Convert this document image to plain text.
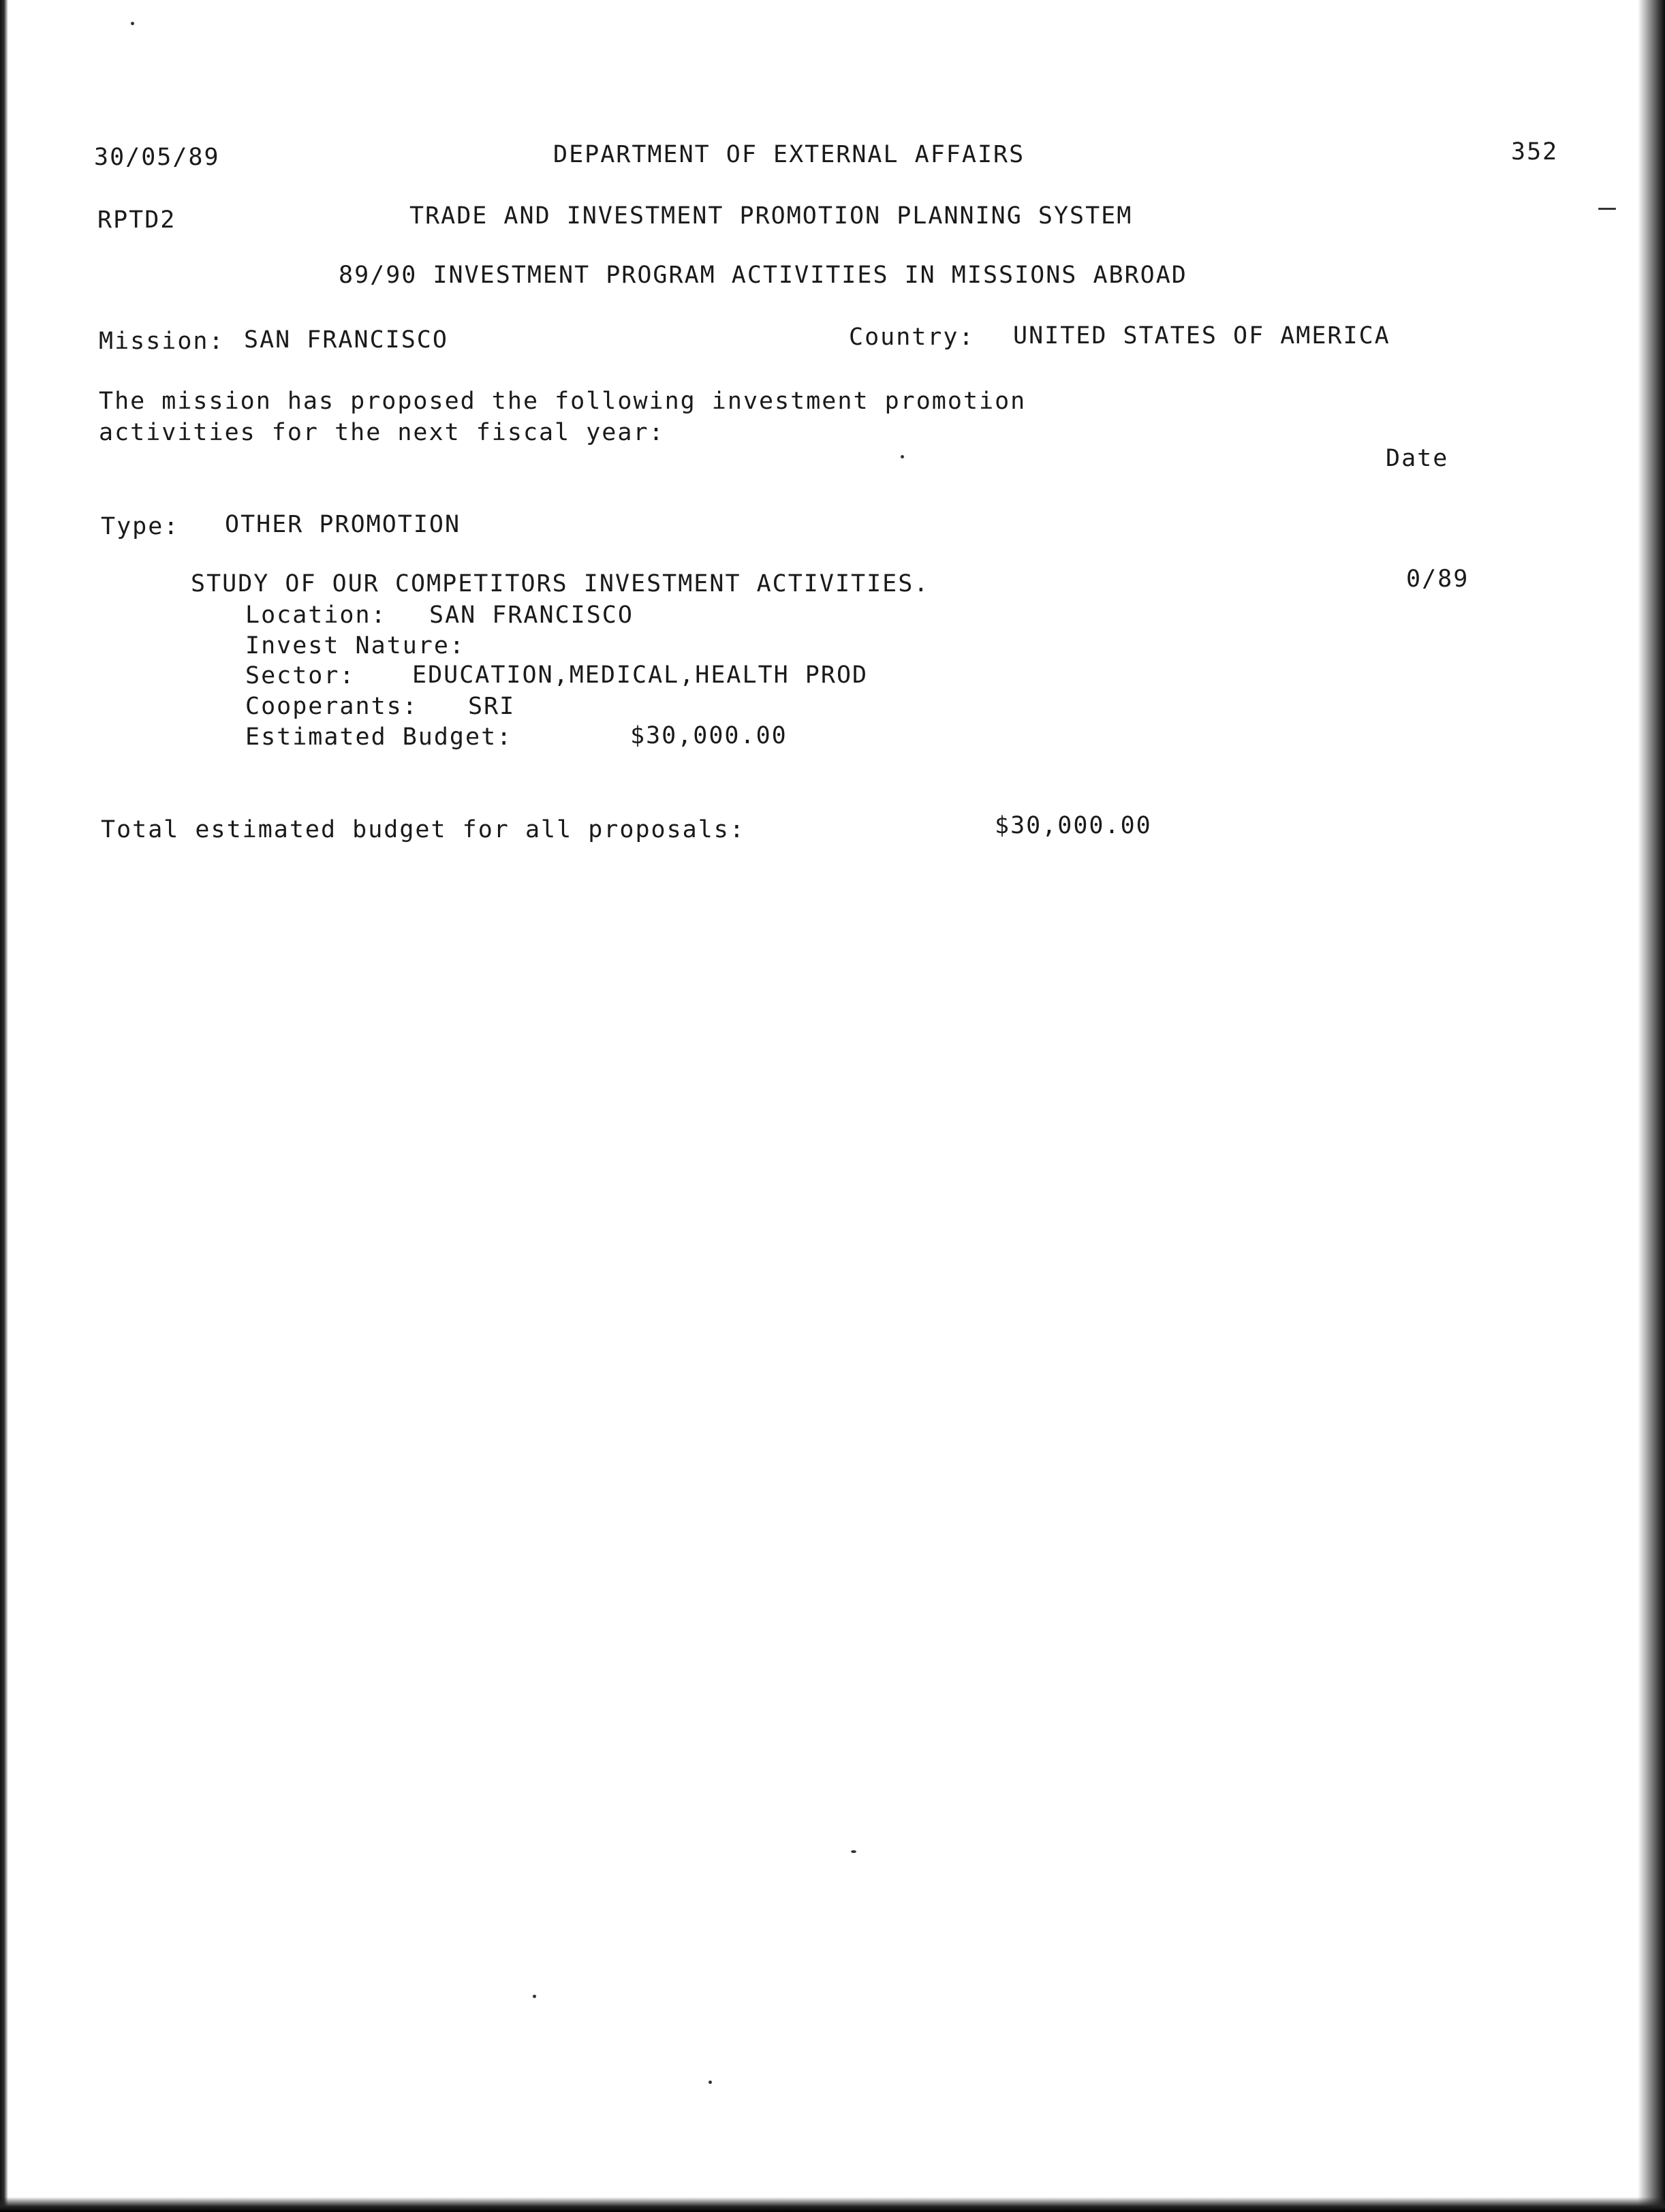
30/05/89	DEPARTMENT OF EXTERNAL AFFAIRS	352
RPTD2	TRADE AND INVESTMENT PROMOTION PLANNING SYSTEM
89/90 INVESTMENT PROGRAM ACTIVITIES IN MISSIONS ABROAD
Mission: SAN FRANCISCO	Country: UNITED STATES OF AMERICA
The mission has proposed the following investment promotion
activities for the next fiscal year:
Date
Type: OTHER PROMOTION
STUDY OF OUR COMPETITORS INVESTMENT ACTIVITIES.	0/89
Location: SAN FRANCISCO
Invest Nature:
Sector: EDUCATION,MEDICAL,HEALTH PROD
Cooperants: SRI
Estimated Budget:	$30,000.00
Total estimated budget for all proposals:	$30,000.00
